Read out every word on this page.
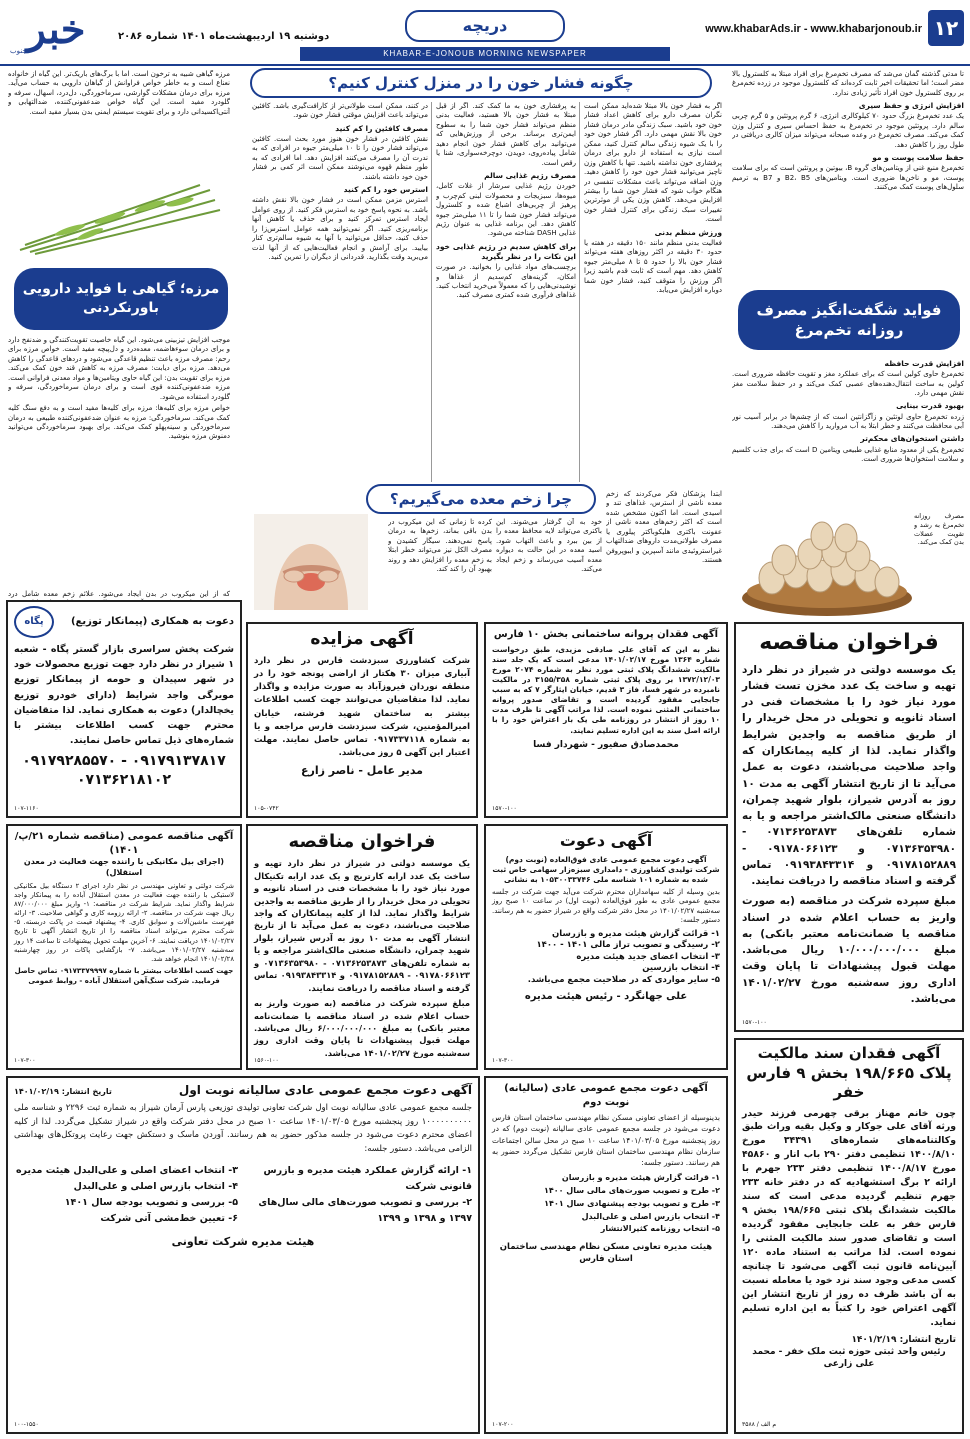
۱۲
www.khabarAds.ir - www.khabarjonoub.ir
دریچه
دوشنبه ۱۹ اردیبهشت‌ماه ۱۴۰۱ شماره ۲۰۸۶
خبر
جنوب	KHABAR-E-JONOUB MORNING NEWSPAPER

تا مدتی گذشته گمان می‌شد که مصرف تخم‌مرغ برای افراد مبتلا به کلسترول بالا مضر است؛ اما تحقیقات اخیر ثابت کرده‌اند که کلسترول موجود در زرده تخم‌مرغ بر روی کلسترول خون افراد تأثیر زیادی ندارد.

افزایش انرژی و حفظ سیری

یک عدد تخم‌مرغ بزرگ حدود ۷۰ کیلوکالری انرژی، ۶ گرم پروتئین و ۵ گرم چربی سالم دارد. پروتئین موجود در تخم‌مرغ به حفظ احساس سیری و کنترل وزن کمک می‌کند. مصرف تخم‌مرغ در وعده صبحانه می‌تواند میزان کالری دریافتی در طول روز را کاهش دهد.

حفظ سلامت پوست و مو

تخم‌مرغ منبع غنی از ویتامین‌های گروه B، بیوتین و پروتئین است که برای سلامت پوست، مو و ناخن‌ها ضروری است. ویتامین‌های B2، B5 و B7 به ترمیم سلول‌های پوست کمک می‌کنند.

فواید شگفت‌انگیز مصرف روزانه تخم‌مرغ
افزایش قدرت حافظه

تخم‌مرغ حاوی کولین است که برای عملکرد مغز و تقویت حافظه ضروری است. کولین به ساخت انتقال‌دهنده‌های عصبی کمک می‌کند و در حفظ سلامت مغز نقش مهمی دارد.

بهبود قدرت بینایی

زرده تخم‌مرغ حاوی لوتئین و زآگزانتین است که از چشم‌ها در برابر آسیب نور آبی محافظت می‌کنند و خطر ابتلا به آب مروارید را کاهش می‌دهند.

داشتن استخوان‌های محکم‌تر

تخم‌مرغ یکی از معدود منابع غذایی طبیعی ویتامین D است که برای جذب کلسیم و سلامت استخوان‌ها ضروری است.

مصرف روزانه تخم‌مرغ به رشد و تقویت عضلات بدن کمک می‌کند.
چگونه فشار خون را در منزل کنترل کنیم؟

اگر به فشار خون بالا مبتلا شده‌اید ممکن است نگران مصرف دارو برای کاهش اعداد فشار خون خود باشید. سبک زندگی مادر درمان فشار خون بالا نقش مهمی دارد. اگر فشار خون خود را با یک شیوه زندگی سالم کنترل کنید، ممکن است نیازی به استفاده از دارو برای درمان پرفشاری خون نداشته باشید. تنها با کاهش وزن ناچیز می‌توانید فشار خون خود را کاهش دهید. وزن اضافه می‌تواند باعث مشکلات تنفسی در هنگام خواب شود که فشار خون شما را بیشتر افزایش می‌دهد. کاهش وزن یکی از موثرترین تغییرات سبک زندگی برای کنترل فشار خون است.

ورزش منظم بدنی

فعالیت بدنی منظم مانند ۱۵۰ دقیقه در هفته یا حدود ۳۰ دقیقه در اکثر روزهای هفته می‌تواند فشار خون بالا را حدود ۵ تا ۸ میلی‌متر جیوه کاهش دهد. مهم است که ثابت قدم باشید زیرا اگر ورزش را متوقف کنید، فشار خون شما دوباره افزایش می‌یابد.

به پرفشاری خون به ما کمک کند. اگر از قبل مبتلا به فشار خون بالا هستید، فعالیت بدنی منظم می‌تواند فشار خون شما را به سطوح ایمن‌تری برساند. برخی از ورزش‌هایی که می‌توانید برای کاهش فشار خون انجام دهید شامل پیاده‌روی، دویدن، دوچرخه‌سواری، شنا یا رقص است.

مصرف رژیم غذایی سالم

خوردن رژیم غذایی سرشار از غلات کامل، میوه‌ها، سبزیجات و محصولات لبنی کم‌چرب و پرهیز از چربی‌های اشباع شده و کلسترول می‌تواند فشار خون شما را تا ۱۱ میلی‌متر جیوه کاهش دهد. این برنامه غذایی به عنوان رژیم غذایی DASH شناخته می‌شود.

برای کاهش سدیم در رژیم غذایی خود این نکات را در نظر بگیرید

برچسب‌های مواد غذایی را بخوانید. در صورت امکان، گزینه‌های کم‌سدیم از غذاها و نوشیدنی‌هایی را که معمولاً می‌خرید انتخاب کنید. غذاهای فرآوری شده کمتری مصرف کنید.

در کنند، ممکن است طولانی‌تر از کارافت‌گیری باشد. کافئین می‌تواند باعث افزایش موقتی فشار خون شود.

مصرف کافئین را کم کنید

نقش کافئین در فشار خون هنوز مورد بحث است. کافئین می‌تواند فشار خون را تا ۱۰ میلی‌متر جیوه در افرادی که به ندرت آن را مصرف می‌کنند افزایش دهد. اما افرادی که به طور منظم قهوه می‌نوشند ممکن است اثر کمی بر فشار خون خود داشته باشند.

استرس خود را کم کنید

استرس مزمن ممکن است در فشار خون بالا نقش داشته باشد. به نحوه پاسخ خود به استرس فکر کنید. از روی عوامل ایجاد استرس تمرکز کنید و برای حذف یا کاهش آنها برنامه‌ریزی کنید. اگر نمی‌توانید همه عوامل استرس‌زا را حذف کنید، حداقل می‌توانید با آنها به شیوه سالم‌تری کنار بیایید. برای آرامش و انجام فعالیت‌هایی که از آنها لذت می‌برید وقت بگذارید. قدردانی از دیگران را تمرین کنید.

مرزه گیاهی شبیه به ترخون است. اما با برگ‌های باریک‌تر. این گیاه از خانواده نعناع است و به خاطر خواص فراوانش از گیاهان دارویی به حساب می‌آید. مرزه برای درمان مشکلات گوارشی، سرماخوردگی، دل‌درد، اسهال، سرفه و گلودرد مفید است. این گیاه خواص ضدعفونی‌کننده، ضدالتهابی و آنتی‌اکسیدانی دارد و برای تقویت سیستم ایمنی بدن بسیار مفید است.
مرزه؛ گیاهی با فواید دارویی باورنکردنی

موجب افزایش تیزبینی می‌شود. این گیاه خاصیت تقویت‌کنندگی و ضدنفخ دارد و برای درمان سوءهاضمه، معده‌درد و دل‌پیچه مفید است. خواص مرزه برای رحم: مصرف مرزه باعث تنظیم قاعدگی می‌شود و دردهای قاعدگی را کاهش می‌دهد. مرزه برای دیابت: مصرف مرزه به کاهش قند خون کمک می‌کند. مرزه برای تقویت بدن: این گیاه حاوی ویتامین‌ها و مواد معدنی فراوانی است. مرزه ضدعفونی‌کننده قوی است و برای درمان سرماخوردگی، سرفه و گلودرد استفاده می‌شود.

خواص مرزه برای کلیه‌ها: مرزه برای کلیه‌ها مفید است و به دفع سنگ کلیه کمک می‌کند. سرماخوردگی: مرزه به عنوان ضدعفونی‌کننده طبیعی به درمان سرماخوردگی و سینه‌پهلو کمک می‌کند. برای بهبود سرماخوردگی می‌توانید دمنوش مرزه بنوشید.

چرا زخم معده می‌گیریم؟	ابتدا پزشکان فکر می‌کردند که زخم معده ناشی از استرس، غذاهای تند و اسیدی است. اما اکنون مشخص شده است که اکثر زخم‌های معده ناشی از عفونت باکتری هلیکوباکتر پیلوری یا مصرف طولانی‌مدت داروهای ضدالتهاب غیراستروئیدی مانند آسپرین و ایبوپروفن هستند.
خود به آن گرفتار می‌شوند. این باکتری می‌تواند لایه محافظ معده را از بین ببرد و باعث التهاب شود. اسید معده در این حالت به دیواره معده آسیب می‌رساند و زخم ایجاد می‌کند.
کرده تا زمانی که این میکروب در بدن باقی بماند، زخم‌ها به درمان پاسخ نمی‌دهند. سیگار کشیدن و مصرف الکل نیز می‌تواند خطر ابتلا به زخم معده را افزایش دهد و روند بهبود آن را کند کند.
که از این میکروب در بدن ایجاد می‌شود. علائم زخم معده شامل درد
فراخوان مناقصه
یک موسسه دولتی در شیراز در نظر دارد تهیه و ساخت یک عدد مخزن تست فشار مورد نیاز خود را با مشخصات فنی در اسناد ثانویه و تحویلی در محل خریدار را از طریق مناقصه به واجدین شرایط واگذار نماید. لذا از کلیه پیمانکاران که واجد صلاحیت می‌باشند، دعوت به عمل می‌آید تا از تاریخ انتشار آگهی به مدت ۱۰ روز به آدرس شیراز، بلوار شهید چمران، دانشگاه صنعتی مالک‌اشتر مراجعه و یا به شماره تلفن‌های ۰۷۱۳۶۲۵۳۸۷۳ - ۰۷۱۳۶۳۵۳۹۸۰ و ۰۹۱۷۸۰۶۶۱۲۳ - ۰۹۱۷۸۱۵۲۸۸۹ و ۰۹۱۹۳۸۴۳۳۱۴ تماس گرفته و اسناد مناقصه را دریافت نمایند.
مبلغ سپرده شرکت در مناقصه (به صورت واریز به حساب اعلام شده در اسناد مناقصه یا ضمانت‌نامه معتبر بانکی) به مبلغ ۱۰/۰۰۰/۰۰۰/۰۰۰ ریال می‌باشد. مهلت قبول پیشنهادات تا پایان وقت اداری روز سه‌شنبه مورخ ۱۴۰۱/۰۲/۲۷ می‌باشد.
۱۵۷۰-۱۰۰
آگهی فقدان پروانه ساختمانی بخش ۱۰ فارس
نظر به این که آقای علی صادقی مزیدی، طبق درخواست شماره ۱۳۶۴ مورخ ۱۴۰۱/۰۲/۱۷ مدعی است که یک جلد سند مالکیت ششدانگ پلاک ثبتی مورد نظر به شماره ۲۰۷۴ مورخ ۱۳۷۲/۱۲/۰۳ بر روی پلاک ثبتی شماره ۳۱۵۵/۳۵۸ در مالکیت نامبرده در شهر فسا، فاز ۳ قدیم، خیابان ایثارگر ۷ که به سبب جابجایی مفقود گردیده است و تقاضای صدور پروانه ساختمانی المثنی نموده است. لذا مراتب آگهی تا ظرف مدت ۱۰ روز از انتشار در روزنامه طی یک بار اعتراض خود را با ارائه اصل سند به این اداره تسلیم نمایند.
محمدصادق صفیور - شهردار فسا
۱۵۷۰-۱۰۰
آگهی مزایده
شرکت کشاورزی سبزدشت فارس در نظر دارد آبیاری میزان ۳۰ هکتار از اراضی پونجه خود را در منطقه نوردان فیروزآباد به صورت مزایده و واگذار نماید. لذا متقاضیان می‌توانند جهت کسب اطلاعات بیشتر به ساختمان شهید فرشته، خیابان امیرالمؤمنین، شرکت سبزدشت فارس مراجعه و یا به شماره ۰۹۱۷۳۳۷۱۱۸ تماس حاصل نمایند. مهلت اعتبار این آگهی ۵ روز می‌باشد.
مدیر عامل - ناصر زارع
۱۰۵-۰۷۴۲
دعوت به همکاری (پیمانکار توزیع)
پگاه
شرکت پخش سراسری بازار گستر پگاه - شعبه ۱ شیراز در نظر دارد جهت توزیع محصولات خود در شهر سپیدان و حومه از پیمانکار توزیع مویرگی واجد شرایط (دارای خودرو توزیع یخچالدار) دعوت به همکاری نماید. لذا متقاضیان محترم جهت کسب اطلاعات بیشتر با شماره‌های ذیل تماس حاصل نمایند.
۰۹۱۷۹۲۸۵۵۷۰ - ۰۹۱۷۹۱۳۷۸۱۷
۰۷۱۳۶۲۱۸۱۰۲
۱۰۷-۱۱۶۰
آگهی دعوت
آگهی دعوت مجمع عمومی عادی فوق‌العاده (نوبت دوم) شرکت تولیدی کشاورزی - دامداری سبزه‌زار سهامی خاص ثبت شده به شماره ۱۰۱ شناسه ملی ۱۰۵۳۰۰۳۳۷۴۶ به نشانی
بدین وسیله از کلیه سهامداران محترم شرکت می‌آید جهت شرکت در جلسه مجمع عمومی عادی به طور فوق‌العاده (نوبت اول) در ساعت ۱۰ صبح روز سه‌شنبه ۱۴۰۱/۰۲/۲۷ در محل دفتر شرکت واقع در شیراز حضور به هم رسانند. دستور جلسه:
۱- قرائت گزارش هیئت مدیره و بازرسان
۲- رسیدگی و تصویب تراز مالی ۱۴۰۱ - ۱۴۰۰
۳- انتخاب اعضای جدید هیئت مدیره
۴- انتخاب بازرسین
۵- سایر مواردی که در صلاحیت مجمع می‌باشد.
علی جهانگرد - رئیس هیئت مدیره
۱۰۷-۳۰۰
فراخوان مناقصه
یک موسسه دولتی در شیراز در نظر دارد تهیه و ساخت یک عدد ارابه کارتریج و یک عدد ارابه تکنیکال مورد نیاز خود را با مشخصات فنی در اسناد ثانویه و تحویلی در محل خریدار را از طریق مناقصه به واجدین شرایط واگذار نماید. لذا از کلیه پیمانکاران که واجد صلاحیت می‌باشند، دعوت به عمل می‌آید تا از تاریخ انتشار آگهی به مدت ۱۰ روز به آدرس شیراز، بلوار شهید چمران، دانشگاه صنعتی مالک‌اشتر مراجعه و یا به شماره تلفن‌های ۰۷۱۳۶۲۵۳۸۷۳ - ۰۷۱۳۶۳۵۳۹۸۰ و ۰۹۱۷۸۰۶۶۱۲۳ - ۰۹۱۷۸۱۵۲۸۸۹ و ۰۹۱۹۳۸۴۳۳۱۴ تماس گرفته و اسناد مناقصه را دریافت نمایند.
مبلغ سپرده شرکت در مناقصه (به صورت واریز به حساب اعلام شده در اسناد مناقصه یا ضمانت‌نامه معتبر بانکی) به مبلغ ۶/۰۰۰/۰۰۰/۰۰۰ ریال می‌باشد. مهلت قبول پیشنهادات تا پایان وقت اداری روز سه‌شنبه مورخ ۱۴۰۱/۰۲/۲۷ می‌باشد.
۱۵۶۰-۱۰۰
آگهی مناقصه عمومی (مناقصه شماره ۲۱/پ/۱۴۰۱)
(اجرای بیل مکانیکی با راننده جهت فعالیت در معدن استقلال)
شرکت دولتی و تعاونی مهندسی در نظر دارد اجرای ۲ دستگاه بیل مکانیکی لاستیکی با راننده جهت فعالیت در معدن استقلال آباده را به پیمانکار واجد شرایط واگذار نماید. شرایط شرکت در مناقصه: ۱- واریز مبلغ ۸۷/۰۰۰/۰۰۰ ریال جهت شرکت در مناقصه. ۲- ارائه رزومه کاری و گواهی صلاحیت. ۳- ارائه فهرست ماشین‌آلات و سوابق کاری. ۴- پیشنهاد قیمت در پاکت دربسته. ۵- شرکت محترم می‌تواند اسناد مناقصه را از تاریخ انتشار آگهی تا تاریخ ۱۴۰۱/۰۲/۲۷ دریافت نمایند. ۶- آخرین مهلت تحویل پیشنهادات تا ساعت ۱۴ روز سه‌شنبه ۱۴۰۱/۰۲/۲۷ می‌باشد. ۷- بازگشایی پاکات در روز چهارشنبه ۱۴۰۱/۰۲/۲۸ انجام خواهد شد.
جهت کسب اطلاعات بیشتر با شماره ۰۹۱۷۳۳۷۹۹۹۷ تماس حاصل فرمایید. شرکت سنگ‌آهن استقلال آباده - روابط عمومی
۱۰۷-۳۰۰	آگهی فقدان سند مالکیت پلاک ۱۹۸/۶۶۵ بخش ۹ فارس خفر
چون خانم مهناز برقی چهرمی فرزند حیدر ورثه آقای علی جوکار و وکیل بقیه وراث طبق وکالتنامه‌های شماره‌های ۳۴۳۹۱ مورخ ۱۴۰۰/۸/۱۰ تنظیمی دفتر ۲۹۰ باب انار و ۴۵۸۶۰ مورخ ۱۴۰۰/۸/۱۷ تنظیمی دفتر ۲۳۳ جهرم با ارائه ۲ برگ استشهادیه که در دفتر خانه ۲۳۳ جهرم تنظیم گردیده مدعی است که سند مالکیت ششدانگ پلاک ثبتی ۱۹۸/۶۶۵ بخش ۹ فارس خفر به علت جابجایی مفقود گردیده است و تقاضای صدور سند مالکیت المثنی را نموده است. لذا مراتب به استناد ماده ۱۲۰ آیین‌نامه قانون ثبت آگهی می‌شود تا چنانچه کسی مدعی وجود سند نزد خود یا معامله نسبت به آن باشد ظرف ده روز از تاریخ انتشار این آگهی اعتراض خود را کتباً به این اداره تسلیم نماید.
تاریخ انتشار: ۱۴۰۱/۲/۱۹
رئیس واحد ثبتی حوزه ثبت ملک خفر - محمد علی زارعی
۳۵۸۸ / م الف
آگهی دعوت مجمع عمومی عادی (سالیانه) نوبت دوم
بدینوسیله از اعضای تعاونی مسکن نظام مهندسی ساختمان استان فارس دعوت می‌شود در جلسه مجمع عمومی عادی سالیانه (نوبت دوم) که در روز پنجشنبه مورخ ۱۴۰۱/۰۳/۰۵ ساعت ۱۰ صبح در محل سالن اجتماعات سازمان نظام مهندسی ساختمان استان فارس تشکیل می‌گردد حضور به هم رسانند. دستور جلسه:
۱- قرائت گزارش هیئت مدیره و بازرسان
۲- طرح و تصویب صورت‌های مالی سال ۱۴۰۰
۳- طرح و تصویب بودجه پیشنهادی سال ۱۴۰۱
۴- انتخاب بازرس اصلی و علی‌البدل
۵- انتخاب روزنامه کثیرالانتشار
هیئت مدیره تعاونی مسکن نظام مهندسی ساختمان استان فارس
۱۰۷-۲۰۰
آگهی دعوت مجمع عمومی عادی سالیانه نوبت اول
تاریخ انتشار: ۱۴۰۱/۰۲/۱۹
جلسه مجمع عمومی عادی سالیانه نوبت اول شرکت تعاونی تولیدی توزیعی پارس آرمان شیراز به شماره ثبت ۲۲۹۶ و شناسه ملی ۱۰۰۰۰۰۰۰۰۰۰ روز پنجشنبه مورخ ۱۴۰۱/۰۳/۰۵ ساعت ۱۰ صبح در محل دفتر شرکت واقع در شیراز تشکیل می‌گردد. لذا از کلیه اعضای محترم دعوت می‌شود در جلسه مذکور حضور به هم رسانند. آوردن ماسک و دستکش جهت رعایت پروتکل‌های بهداشتی الزامی می‌باشد. دستور جلسه:
۱- ارائه گزارش عملکرد هیئت مدیره و بازرس قانونی شرکت
۲- بررسی و تصویب صورت‌های مالی سال‌های ۱۳۹۷ و ۱۳۹۸ و ۱۳۹۹
۳- انتخاب اعضای اصلی و علی‌البدل هیئت مدیره
۴- انتخاب بازرس اصلی و علی‌البدل
۵- بررسی و تصویب بودجه سال ۱۴۰۱
۶- تعیین خط‌مشی آتی شرکت
هیئت مدیره شرکت تعاونی
۱۰۰-۱۵۵۰
